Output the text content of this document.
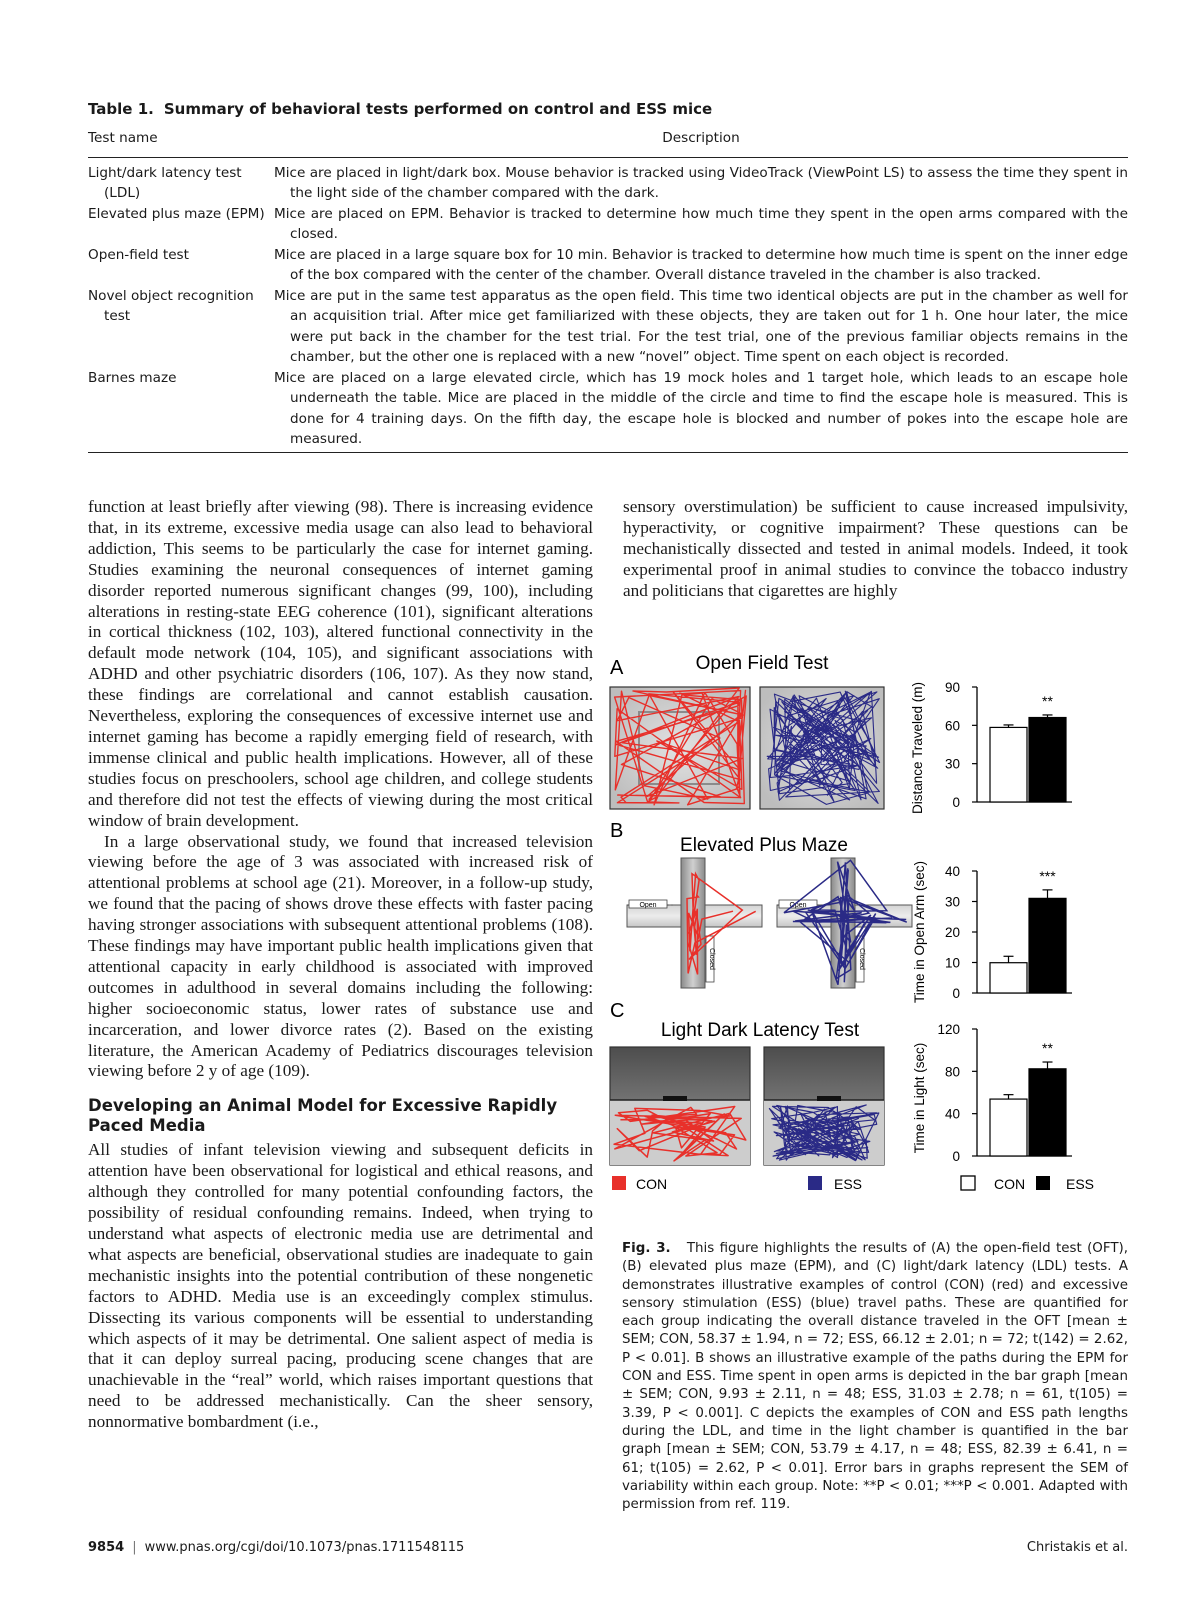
Table 1. Summary of behavioral tests performed on control and ESS mice

Test name	Description
Light/dark latency test (LDL)	Mice are placed in light/dark box. Mouse behavior is tracked using VideoTrack (ViewPoint LS) to assess the time they spent in the light side of the chamber compared with the dark.
Elevated plus maze (EPM)	Mice are placed on EPM. Behavior is tracked to determine how much time they spent in the open arms compared with the closed.
Open-field test	Mice are placed in a large square box for 10 min. Behavior is tracked to determine how much time is spent on the inner edge of the box compared with the center of the chamber. Overall distance traveled in the chamber is also tracked.
Novel object recognition test	Mice are put in the same test apparatus as the open field. This time two identical objects are put in the chamber as well for an acquisition trial. After mice get familiarized with these objects, they are taken out for 1 h. One hour later, the mice were put back in the chamber for the test trial. For the test trial, one of the previous familiar objects remains in the chamber, but the other one is replaced with a new “novel” object. Time spent on each object is recorded.
Barnes maze	Mice are placed on a large elevated circle, which has 19 mock holes and 1 target hole, which leads to an escape hole underneath the table. Mice are placed in the middle of the circle and time to find the escape hole is measured. This is done for 4 training days. On the fifth day, the escape hole is blocked and number of pokes into the escape hole are measured.

function at least briefly after viewing (98). There is increasing evidence that, in its extreme, excessive media usage can also lead to behavioral addiction, This seems to be particularly the case for internet gaming. Studies examining the neuronal consequences of internet gaming disorder reported numerous significant changes (99, 100), including alterations in resting-state EEG coherence (101), significant alterations in cortical thickness (102, 103), altered functional connectivity in the default mode network (104, 105), and significant associations with ADHD and other psychiatric disorders (106, 107). As they now stand, these findings are correlational and cannot establish causation. Nevertheless, exploring the consequences of excessive internet use and internet gaming has become a rapidly emerging field of research, with immense clinical and public health implications. However, all of these studies focus on preschoolers, school age children, and college students and therefore did not test the effects of viewing during the most critical window of brain development.

In a large observational study, we found that increased television viewing before the age of 3 was associated with increased risk of attentional problems at school age (21). Moreover, in a follow-up study, we found that the pacing of shows drove these effects with faster pacing having stronger associations with subsequent attentional problems (108). These findings may have important public health implications given that attentional capacity in early childhood is associated with improved outcomes in adulthood in several domains including the following: higher socioeconomic status, lower rates of substance use and incarceration, and lower divorce rates (2). Based on the existing literature, the American Academy of Pediatrics discourages television viewing before 2 y of age (109).

Developing an Animal Model for Excessive Rapidly Paced Media

All studies of infant television viewing and subsequent deficits in attention have been observational for logistical and ethical reasons, and although they controlled for many potential confounding factors, the possibility of residual confounding remains. Indeed, when trying to understand what aspects of electronic media use are detrimental and what aspects are beneficial, observational studies are inadequate to gain mechanistic insights into the potential contribution of these nongenetic factors to ADHD. Media use is an exceedingly complex stimulus. Dissecting its various components will be essential to understanding which aspects of it may be detrimental. One salient aspect of media is that it can deploy surreal pacing, producing scene changes that are unachievable in the “real” world, which raises important questions that need to be addressed mechanistically. Can the sheer sensory, nonnormative bombardment (i.e.,

sensory overstimulation) be sufficient to cause increased impulsivity, hyperactivity, or cognitive impairment? These questions can be mechanistically dissected and tested in animal models. Indeed, it took experimental proof in animal studies to convince the tobacco industry and politicians that cigarettes are highly

A	Open Field Test
Distance Traveled (m) 0
30
60
90
**
B
Elevated Plus Maze
Open
Closed
Open
Closed	Time in Open Arm (sec) 0
10
20
30
40	***
C
Light Dark Latency Test
Time in Light (sec)
0
40
80
120
**
CON	ESS	CON	ESS

Fig. 3. This figure highlights the results of (A) the open-field test (OFT), (B) elevated plus maze (EPM), and (C) light/dark latency (LDL) tests. A demonstrates illustrative examples of control (CON) (red) and excessive sensory stimulation (ESS) (blue) travel paths. These are quantified for each group indicating the overall distance traveled in the OFT [mean ± SEM; CON, 58.37 ± 1.94, n = 72; ESS, 66.12 ± 2.01; n = 72; t(142) = 2.62, P < 0.01]. B shows an illustrative example of the paths during the EPM for CON and ESS. Time spent in open arms is depicted in the bar graph [mean ± SEM; CON, 9.93 ± 2.11, n = 48; ESS, 31.03 ± 2.78; n = 61, t(105) = 3.39, P < 0.001]. C depicts the examples of CON and ESS path lengths during the LDL, and time in the light chamber is quantified in the bar graph [mean ± SEM; CON, 53.79 ± 4.17, n = 48; ESS, 82.39 ± 6.41, n = 61; t(105) = 2.62, P < 0.01]. Error bars in graphs represent the SEM of variability within each group. Note: **P < 0.01; ***P < 0.001. Adapted with permission from ref. 119.

9854 | www.pnas.org/cgi/doi/10.1073/pnas.1711548115	Christakis et al.
